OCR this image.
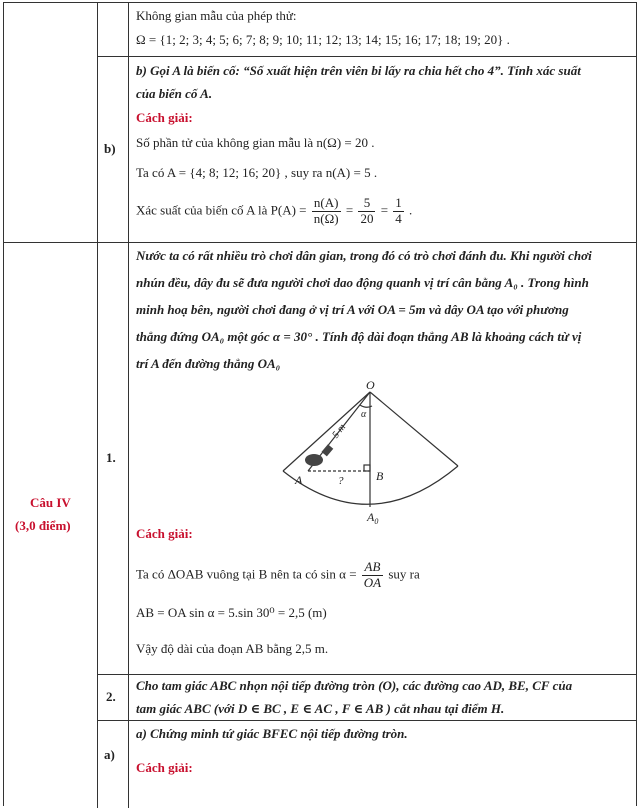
Không gian mẫu của phép thử:
Ω = {1; 2; 3; 4; 5; 6; 7; 8; 9; 10; 11; 12; 13; 14; 15; 16; 17; 18; 19; 20} .
b)
b) Gọi A là biến cố: “Số xuất hiện trên viên bi lấy ra chia hết cho 4”. Tính xác suất
của biến cố A.
Cách giải:
Số phần tử của không gian mẫu là n(Ω) = 20 .
Ta có A = {4; 8; 12; 16; 20} , suy ra n(A) = 5 .
Xác suất của biến cố A là $P(A) = \frac{n(A)}{n(\Omega)} = \frac{5}{20} = \frac{1}{4}$ .
Câu IV
(3,0 điểm)
1.
Nước ta có rất nhiều trò chơi dân gian, trong đó có trò chơi đánh đu. Khi người chơi
nhún đều, dây đu sẽ đưa người chơi dao động quanh vị trí cân bằng A₀ . Trong hình
minh hoạ bên, người chơi đang ở vị trí A với OA = 5m và dây OA tạo với phương
thẳng đứng OA₀ một góc α = 30° . Tính độ dài đoạn thẳng AB là khoảng cách từ vị
trí A đến đường thẳng OA₀
O
α
5 m
?
A	B
$A_0$
Cách giải:
Ta có ΔOAB vuông tại B nên ta có $\sin \alpha = \frac{AB}{OA}$ suy ra
AB = OA sin α = 5.sin 30⁰ = 2,5 (m)
Vậy độ dài của đoạn AB bằng 2,5 m.
2.
Cho tam giác ABC nhọn nội tiếp đường tròn (O), các đường cao AD, BE, CF của
tam giác ABC (với D ∈ BC , E ∈ AC , F ∈ AB ) cắt nhau tại điểm H.
a)
a) Chứng minh tứ giác BFEC nội tiếp đường tròn.
Cách giải:
